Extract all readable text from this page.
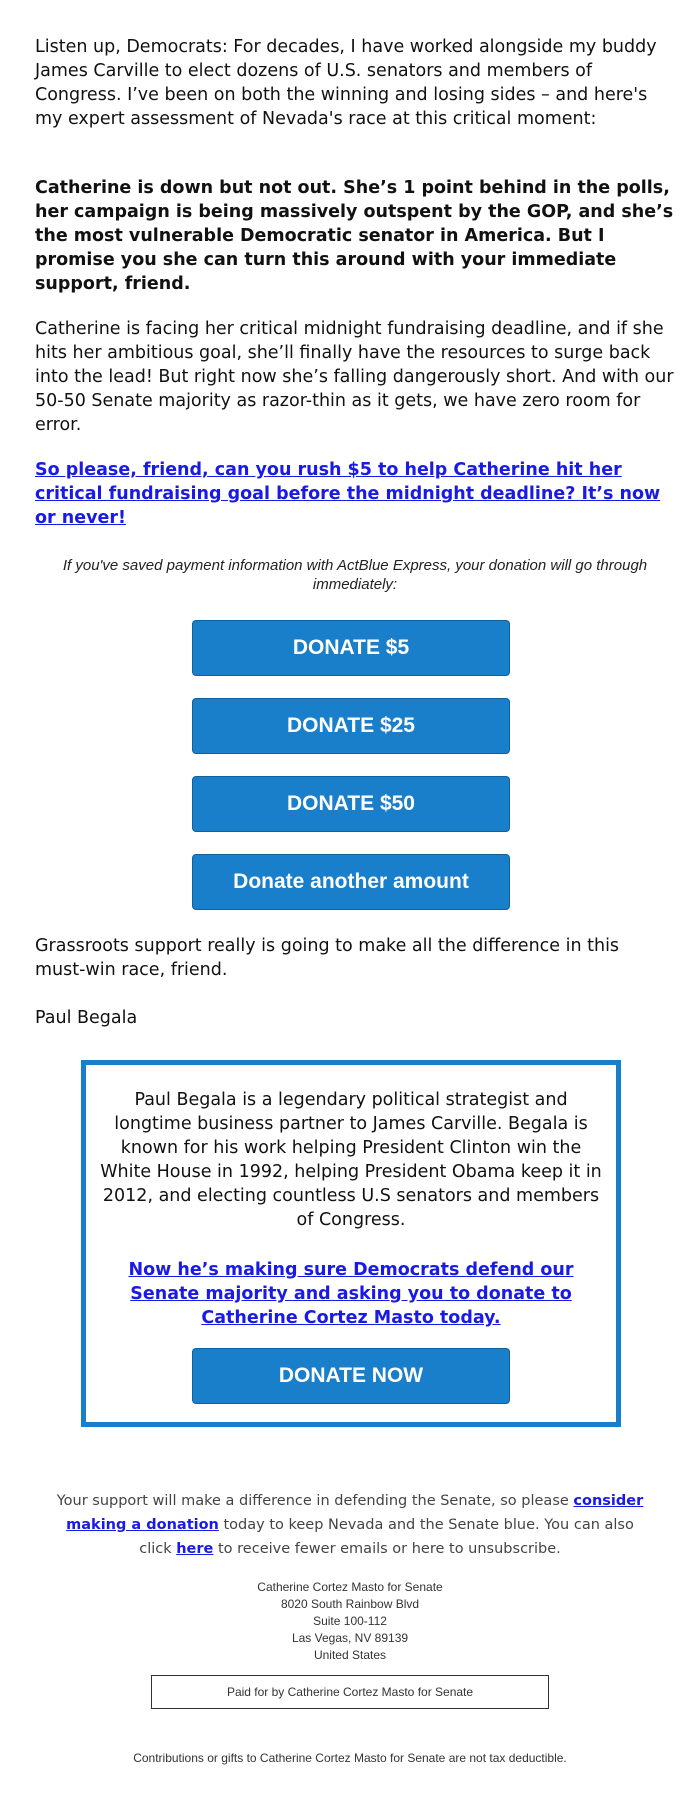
Listen up, Democrats: For decades, I have worked alongside my buddy James Carville to elect dozens of U.S. senators and members of Congress. I’ve been on both the winning and losing sides – and here's my expert assessment of Nevada's race at this critical moment:

Catherine is down but not out. She’s 1 point behind in the polls, her campaign is being massively outspent by the GOP, and she’s the most vulnerable Democratic senator in America. But I promise you she can turn this around with your immediate support, friend.

Catherine is facing her critical midnight fundraising deadline, and if she hits her ambitious goal, she’ll finally have the resources to surge back into the lead! But right now she’s falling dangerously short. And with our 50-50 Senate majority as razor-thin as it gets, we have zero room for error.

So please, friend, can you rush $5 to help Catherine hit her critical fundraising goal before the midnight deadline? It’s now or never!

If you've saved payment information with ActBlue Express, your donation will go through immediately:

DONATE $5
DONATE $25
DONATE $50
Donate another amount

Grassroots support really is going to make all the difference in this must-win race, friend.

Paul Begala

Paul Begala is a legendary political strategist and longtime business partner to James Carville. Begala is known for his work helping President Clinton win the White House in 1992, helping President Obama keep it in 2012, and electing countless U.S senators and members of Congress.

Now he’s making sure Democrats defend our Senate majority and asking you to donate to Catherine Cortez Masto today.

DONATE NOW

Your support will make a difference in defending the Senate, so please consider making a donation today to keep Nevada and the Senate blue. You can also click here to receive fewer emails or here to unsubscribe.

Catherine Cortez Masto for Senate
8020 South Rainbow Blvd
Suite 100-112
Las Vegas, NV 89139
United States

Paid for by Catherine Cortez Masto for Senate

Contributions or gifts to Catherine Cortez Masto for Senate are not tax deductible.
